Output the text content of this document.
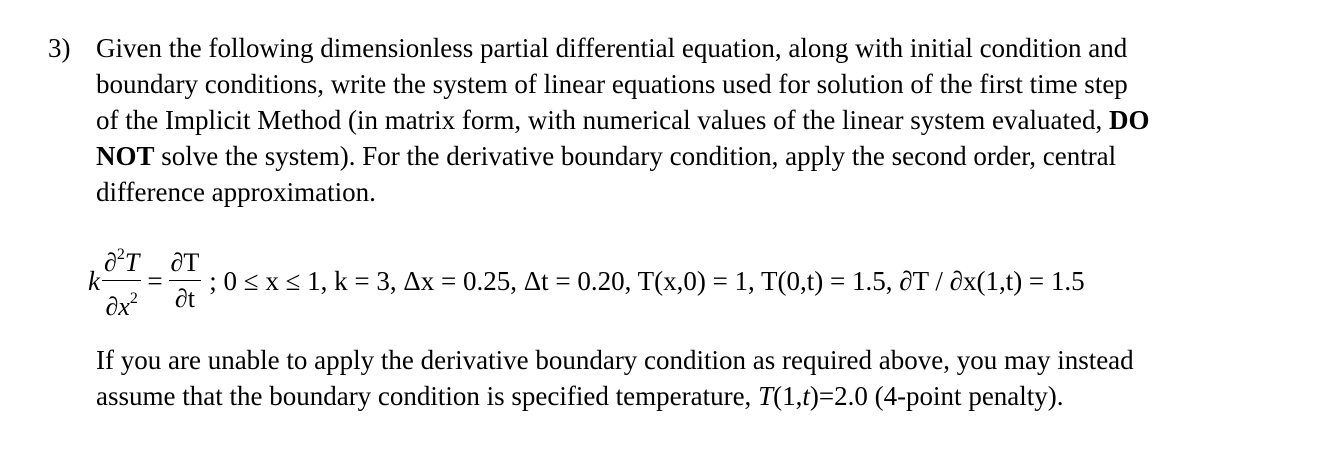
3) Given the following dimensionless partial differential equation, along with initial condition and
boundary conditions, write the system of linear equations used for solution of the first time step
of the Implicit Method (in matrix form, with numerical values of the linear system evaluated, DO
NOT solve the system). For the derivative boundary condition, apply the second order, central
difference approximation.
k $\frac{\partial^2T}{\partial x^2} = \frac{\partial T}{\partial t}$ ; 0 ≤ x ≤ 1, k = 3, Δx = 0.25, Δt = 0.20, T(x,0) = 1, T(0,t) = 1.5, ∂T / ∂x(1,t) = 1.5
If you are unable to apply the derivative boundary condition as required above, you may instead
assume that the boundary condition is specified temperature, T(1,t)=2.0 (4-point penalty).
